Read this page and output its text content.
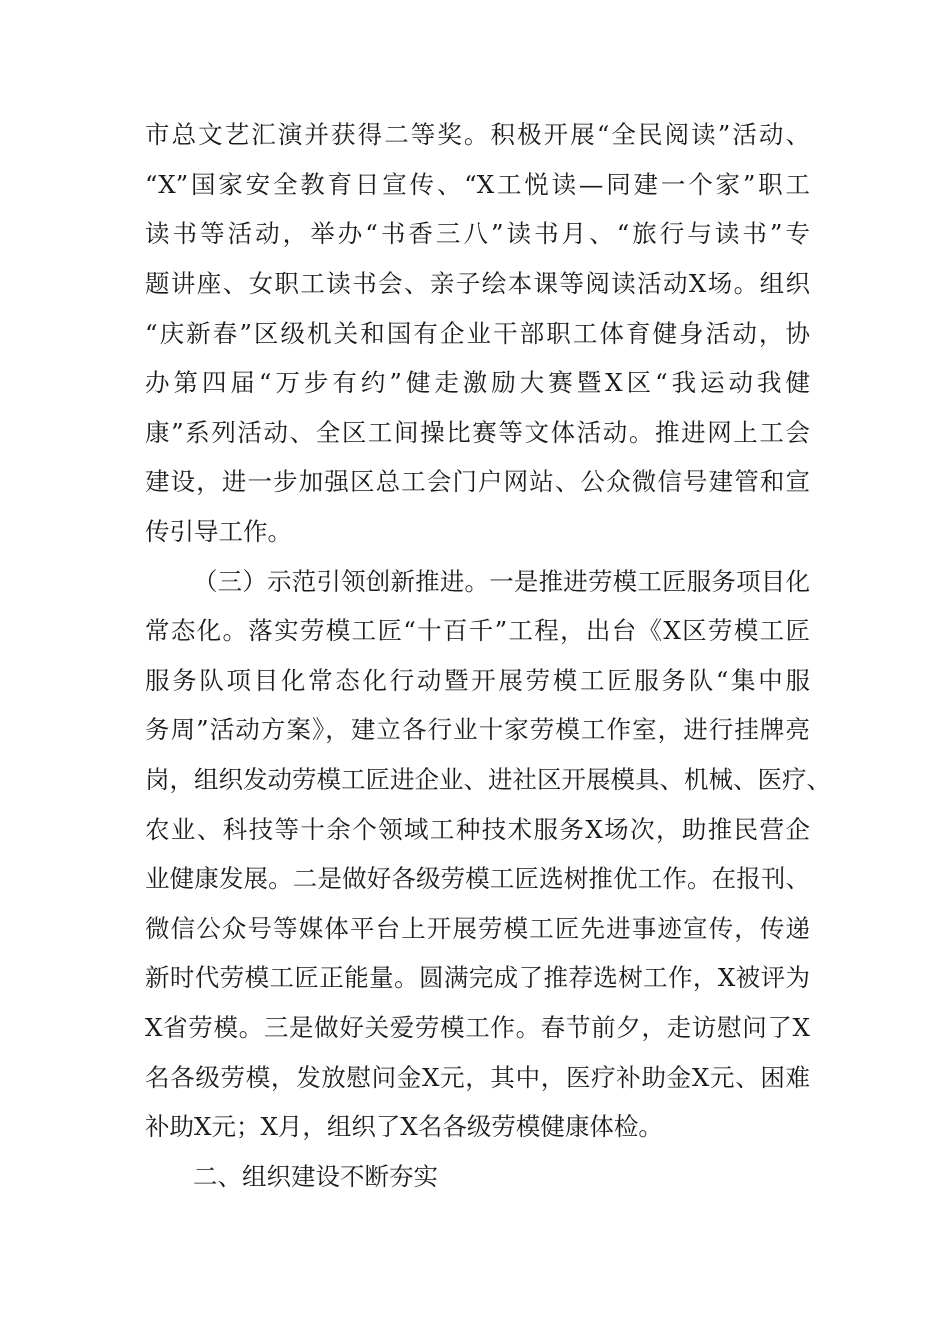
市总文艺汇演并获得二等奖。积极开展“全民阅读”活动、
“X”国家安全教育日宣传、“X工悦读—同建一个家”职工
读书等活动，举办“书香三八”读书月、“旅行与读书”专
题讲座、女职工读书会、亲子绘本课等阅读活动X场。组织
“庆新春”区级机关和国有企业干部职工体育健身活动，协
办第四届“万步有约”健走激励大赛暨X区“我运动我健
康”系列活动、全区工间操比赛等文体活动。推进网上工会
建设，进一步加强区总工会门户网站、公众微信号建管和宣
传引导工作。
（三）示范引领创新推进。一是推进劳模工匠服务项目化
常态化。落实劳模工匠“十百千”工程，出台《X区劳模工匠
服务队项目化常态化行动暨开展劳模工匠服务队“集中服
务周”活动方案》，建立各行业十家劳模工作室，进行挂牌亮
岗，组织发动劳模工匠进企业、进社区开展模具、机械、医疗、
农业、科技等十余个领域工种技术服务X场次，助推民营企
业健康发展。二是做好各级劳模工匠选树推优工作。在报刊、
微信公众号等媒体平台上开展劳模工匠先进事迹宣传，传递
新时代劳模工匠正能量。圆满完成了推荐选树工作，X被评为
X省劳模。三是做好关爱劳模工作。春节前夕，走访慰问了X
名各级劳模，发放慰问金X元，其中，医疗补助金X元、困难
补助X元；X月，组织了X名各级劳模健康体检。
二、组织建设不断夯实
